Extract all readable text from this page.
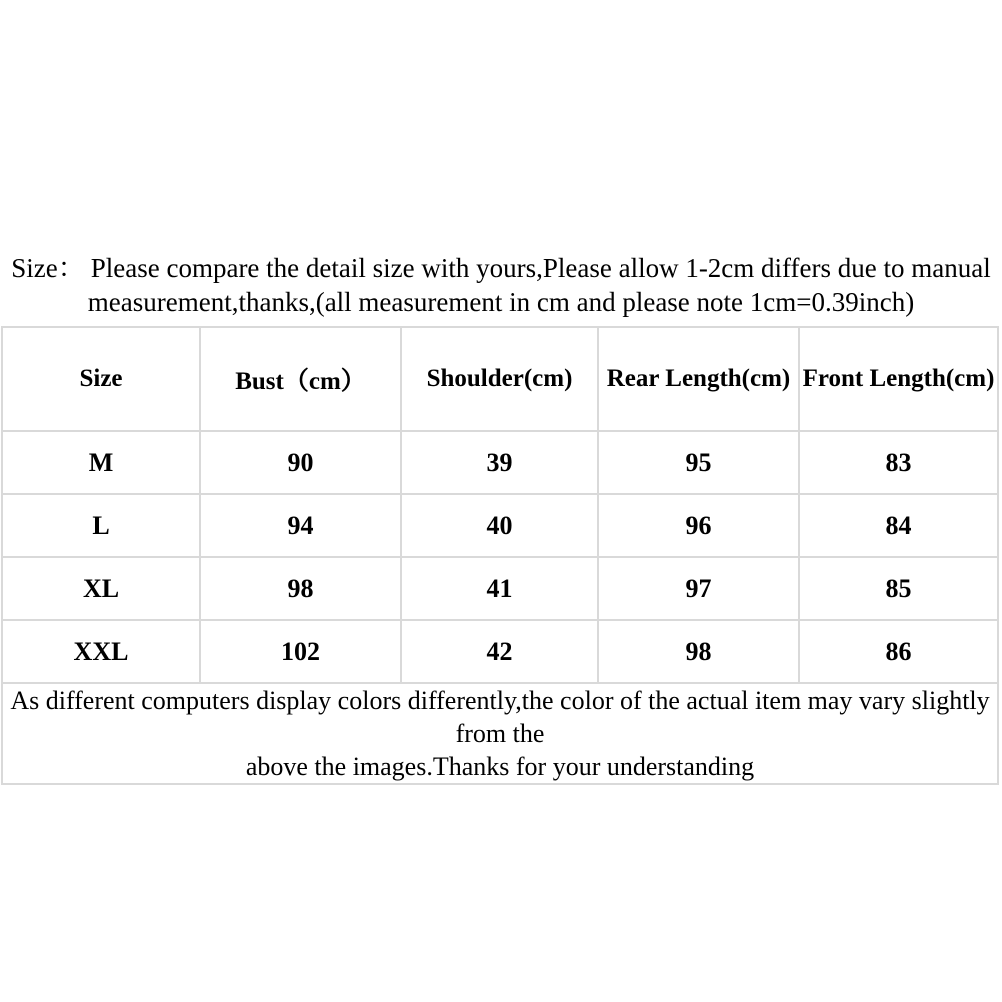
Size： Please compare the detail size with yours,Please allow 1-2cm differs due to manual
measurement,thanks,(all measurement in cm and please note 1cm=0.39inch)
Size	Bust（cm）	Shoulder(cm)	Rear Length(cm)	Front Length(cm)
M	90	39	95	83
L	94	40	96	84
XL	98	41	97	85
XXL	102	42	98	86

As different computers display colors differently,the color of the actual item may vary slightly from the
above the images.Thanks for your understanding				
